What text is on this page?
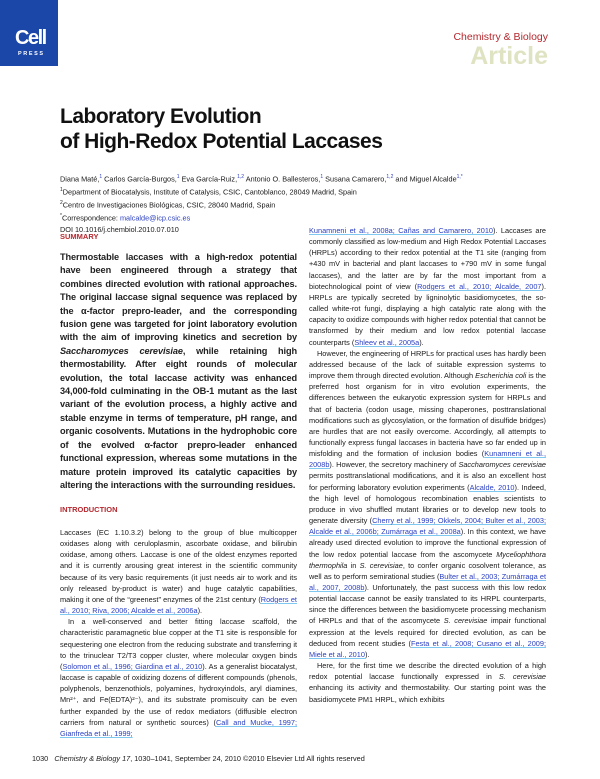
Cell
PRESS
Chemistry & Biology
Article
Laboratory Evolution
of High-Redox Potential Laccases
Diana Maté,$^1$ Carlos García-Burgos,$^1$ Eva García-Ruiz,$^{1,2}$ Antonio O. Ballesteros,$^1$ Susana Camarero,$^{1,2}$ and Miguel Alcalde$^{1,*}$
$^1$Department of Biocatalysis, Institute of Catalysis, CSIC, Cantoblanco, 28049 Madrid, Spain
$^2$Centro de Investigaciones Biológicas, CSIC, 28040 Madrid, Spain
*Correspondence: malcalde@icp.csic.es
DOI 10.1016/j.chembiol.2010.07.010
SUMMARY
Thermostable laccases with a high-redox potential have been engineered through a strategy that combines directed evolution with rational approaches. The original laccase signal sequence was replaced by the α-factor prepro-leader, and the corresponding fusion gene was targeted for joint laboratory evolution with the aim of improving kinetics and secretion by Saccharomyces cerevisiae, while retaining high thermostability. After eight rounds of molecular evolution, the total laccase activity was enhanced 34,000-fold culminating in the OB-1 mutant as the last variant of the evolution process, a highly active and stable enzyme in terms of temperature, pH range, and organic cosolvents. Mutations in the hydrophobic core of the evolved α-factor prepro-leader enhanced functional expression, whereas some mutations in the mature protein improved its catalytic capacities by altering the interactions with the surrounding residues.
INTRODUCTION

Laccases (EC 1.10.3.2) belong to the group of blue multicopper oxidases along with ceruloplasmin, ascorbate oxidase, and bilirubin oxidase, among others. Laccase is one of the oldest enzymes reported and it is currently arousing great interest in the scientific community because of its very basic requirements (it just needs air to work and its only released by-product is water) and huge catalytic capabilities, making it one of the “greenest” enzymes of the 21st century (Rodgers et al., 2010; Riva, 2006; Alcalde et al., 2006a).

In a well-conserved and better fitting laccase scaffold, the characteristic paramagnetic blue copper at the T1 site is responsible for sequestering one electron from the reducing substrate and transferring it to the trinuclear T2/T3 copper cluster, where molecular oxygen binds (Solomon et al., 1996; Giardina et al., 2010). As a generalist biocatalyst, laccase is capable of oxidizing dozens of different compounds (phenols, polyphenols, benzenothiols, polyamines, hydroxyindols, aryl diamines, Mn²⁺, and Fe(EDTA)²⁻), and its substrate promiscuity can be even further expanded by the use of redox mediators (diffusible electron carriers from natural or synthetic sources) (Call and Mucke, 1997; Gianfreda et al., 1999;

Kunamneni et al., 2008a; Cañas and Camarero, 2010). Laccases are commonly classified as low-medium and High Redox Potential Laccases (HRPLs) according to their redox potential at the T1 site (ranging from +430 mV in bacterial and plant laccases to +790 mV in some fungal laccases), and the latter are by far the most important from a biotechnological point of view (Rodgers et al., 2010; Alcalde, 2007). HRPLs are typically secreted by ligninolytic basidiomycetes, the so-called white-rot fungi, displaying a high catalytic rate along with the capacity to oxidize compounds with higher redox potential that cannot be transformed by their medium and low redox potential laccase counterparts (Shleev et al., 2005a).

However, the engineering of HRPLs for practical uses has hardly been addressed because of the lack of suitable expression systems to improve them through directed evolution. Although Escherichia coli is the preferred host organism for in vitro evolution experiments, the differences between the eukaryotic expression system for HRPLs and that of bacteria (codon usage, missing chaperones, posttranslational modifications such as glycosylation, or the formation of disulfide bridges) are hurdles that are not easily overcome. Accordingly, all attempts to functionally express fungal laccases in bacteria have so far ended up in misfolding and the formation of inclusion bodies (Kunamneni et al., 2008b). However, the secretory machinery of Saccharomyces cerevisiae permits posttranslational modifications, and it is also an excellent host for performing laboratory evolution experiments (Alcalde, 2010). Indeed, the high level of homologous recombination enables scientists to produce in vivo shuffled mutant libraries or to develop new tools to generate diversity (Cherry et al., 1999; Okkels, 2004; Bulter et al., 2003; Alcalde et al., 2006b; Zumárraga et al., 2008a). In this context, we have already used directed evolution to improve the functional expression of the low redox potential laccase from the ascomycete Myceliophthora thermophila in S. cerevisiae, to confer organic cosolvent tolerance, as well as to perform semirational studies (Bulter et al., 2003; Zumárraga et al., 2007, 2008b). Unfortunately, the past success with this low redox potential laccase cannot be easily translated to its HRPL counterparts, since the differences between the basidiomycete processing mechanism of HRPLs and that of the ascomycete S. cerevisiae impair functional expression at the levels required for directed evolution, as can be deduced from recent studies (Festa et al., 2008; Cusano et al., 2009; Miele et al., 2010).

Here, for the first time we describe the directed evolution of a high redox potential laccase functionally expressed in S. cerevisiae enhancing its activity and thermostability. Our starting point was the basidiomycete PM1 HRPL, which exhibits

1030 Chemistry & Biology 17, 1030–1041, September 24, 2010 ©2010 Elsevier Ltd All rights reserved
